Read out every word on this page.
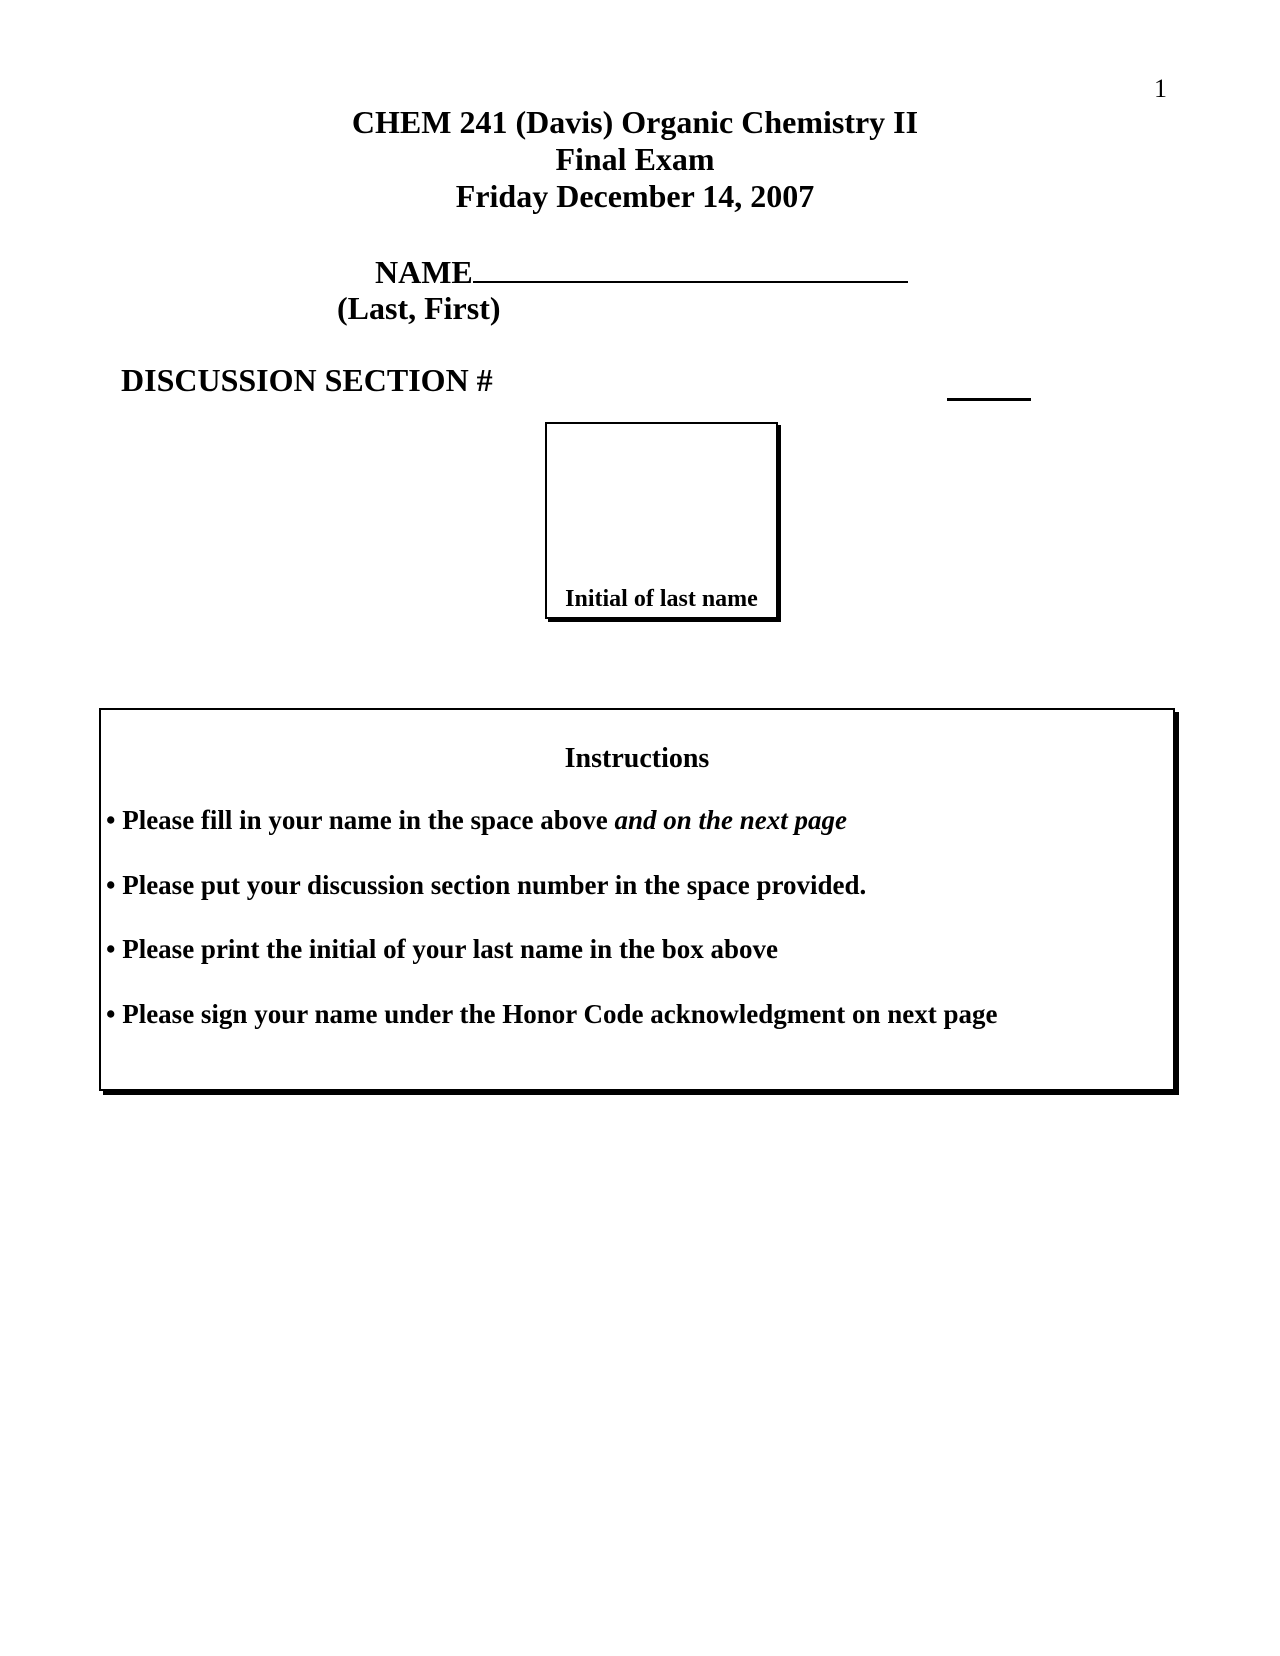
1
CHEM 241 (Davis) Organic Chemistry II
Final Exam
Friday December 14, 2007
NAME
(Last, First)
DISCUSSION SECTION #
Initial of last name
Instructions
• Please fill in your name in the space above and on the next page
• Please put your discussion section number in the space provided.
• Please print the initial of your last name in the box above
• Please sign your name under the Honor Code acknowledgment on next page
